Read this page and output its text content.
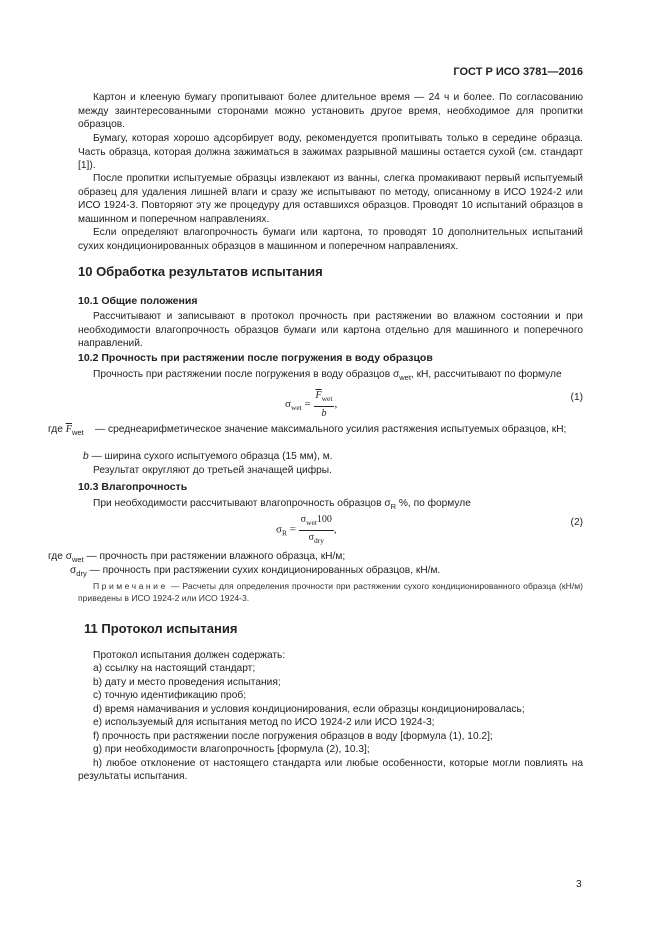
ГОСТ Р ИСО 3781—2016

Картон и клееную бумагу пропитывают более длительное время — 24 ч и более. По согласованию между заинтересованными сторонами можно установить другое время, необходимое для пропитки образцов.

Бумагу, которая хорошо адсорбирует воду, рекомендуется пропитывать только в середине образца. Часть образца, которая должна зажиматься в зажимах разрывной машины остается сухой (см. стандарт [1]).

После пропитки испытуемые образцы извлекают из ванны, слегка промакивают первый испытуемый образец для удаления лишней влаги и сразу же испытывают по методу, описанному в ИСО 1924-2 или ИСО 1924-3. Повторяют эту же процедуру для оставшихся образцов. Проводят 10 испытаний образцов в машинном и поперечном направлениях.

Если определяют влагопрочность бумаги или картона, то проводят 10 дополнительных испытаний сухих кондиционированных образцов в машинном и поперечном направлениях.

10 Обработка результатов испытания
10.1 Общие положения

Рассчитывают и записывают в протокол прочность при растяжении во влажном состоянии и при необходимости влагопрочность образцов бумаги или картона отдельно для машинного и поперечного направлений.

10.2 Прочность при растяжении после погружения в воду образцов

Прочность при растяжении после погружения в воду образцов $\sigma_{wet}$, кН, рассчитывают по формуле

$\sigma_{wet} = \frac{\overline{F}_{wet}}{b}$ ,
(1)
где $\overline{F}_{wet}$	— среднеарифметическое значение максимального усилия растяжения испытуемых образцов, кН;
b — ширина сухого испытуемого образца (15 мм), м.

Результат округляют до третьей значащей цифры.

10.3 Влагопрочность

При необходимости рассчитывают влагопрочность образцов $\sigma_R$ %, по формуле

$\sigma_R = \frac{\sigma_{wet}100}{\sigma_{dry}}$ ,
(2)
где $\sigma_{wet}$ — прочность при растяжении влажного образца, кН/м;
$\sigma_{dry}$ — прочность при растяжении сухих кондиционированных образцов, кН/м.

Примечание — Расчеты для определения прочности при растяжении сухого кондиционированного образца (кН/м) приведены в ИСО 1924-2 или ИСО 1924-3.

11 Протокол испытания

Протокол испытания должен содержать:

a) ссылку на настоящий стандарт;

b) дату и место проведения испытания;

c) точную идентификацию проб;

d) время намачивания и условия кондиционирования, если образцы кондиционировалась;

e) используемый для испытания метод по ИСО 1924-2 или ИСО 1924-3;

f) прочность при растяжении после погружения образцов в воду [формула (1), 10.2];

g) при необходимости влагопрочность [формула (2), 10.3];

h) любое отклонение от настоящего стандарта или любые особенности, которые могли повлиять на результаты испытания.

3
